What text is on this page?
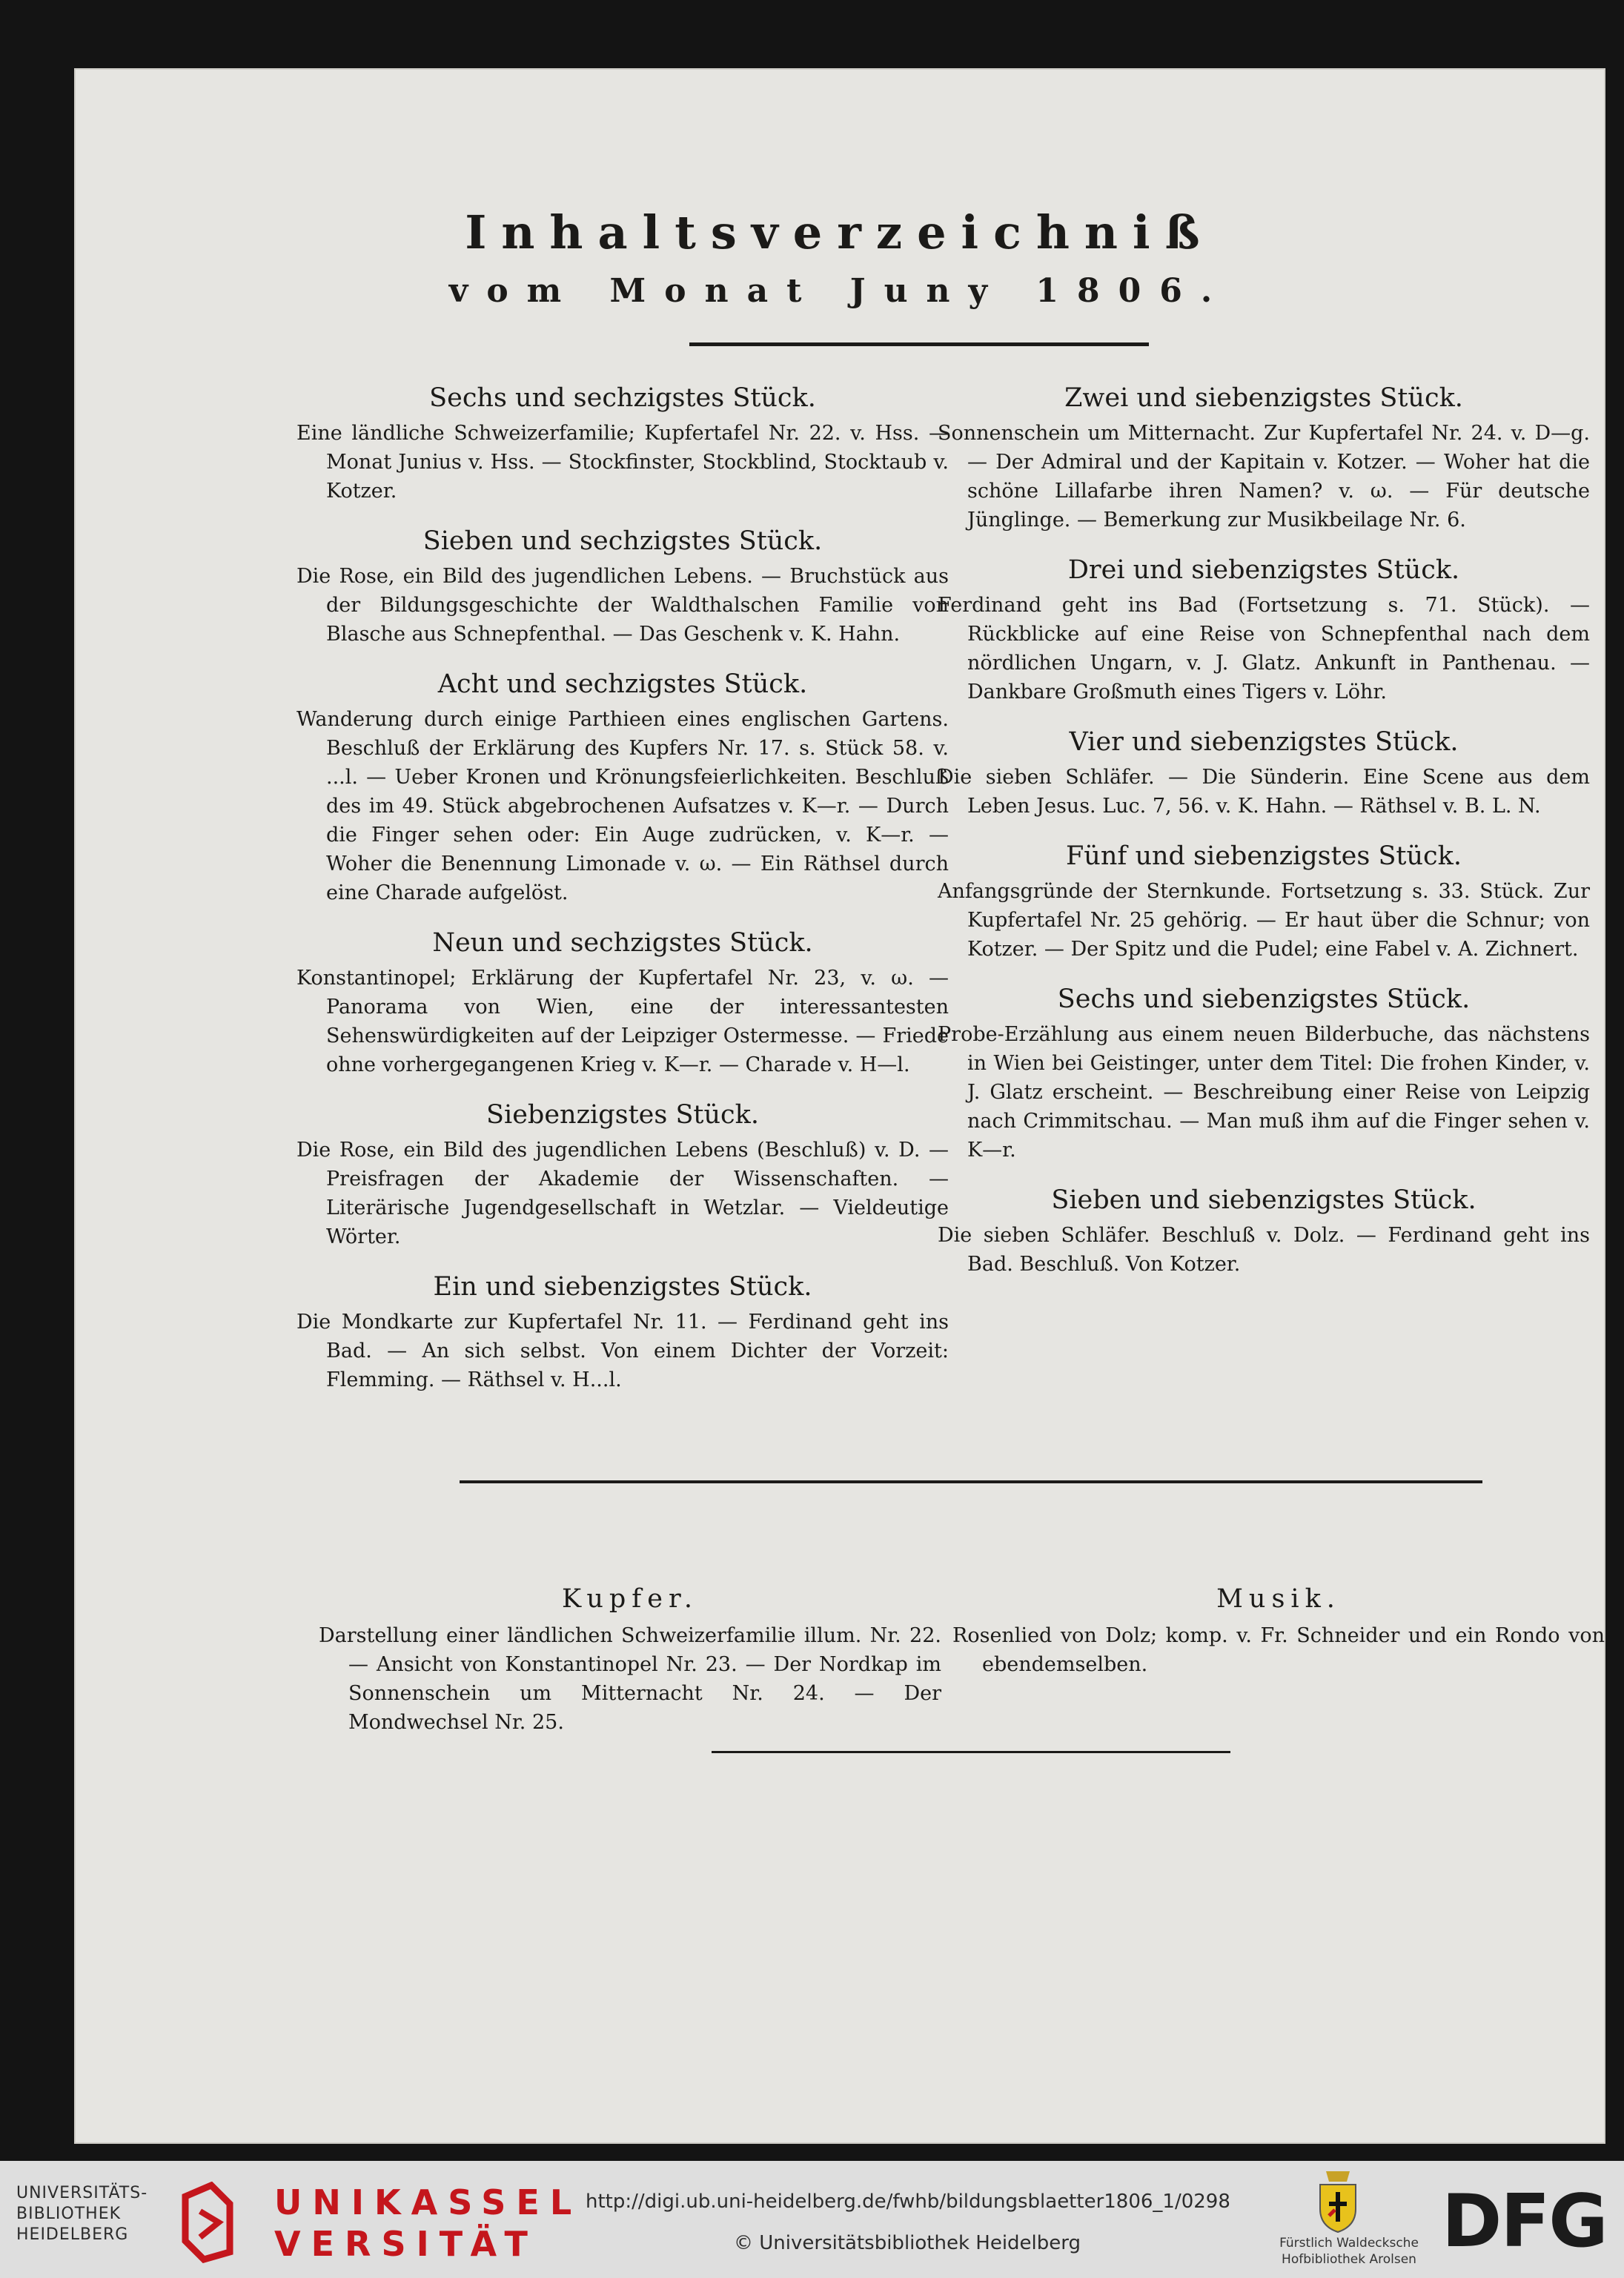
Inhaltsverzeichniß
vom Monat Juny 1806.

Sechs und sechzigstes Stück.

Eine ländliche Schweizerfamilie; Kupfertafel Nr. 22. v. Hss. — Monat Junius v. Hss. — Stockfinster, Stockblind, Stocktaub v. Kotzer.

Sieben und sechzigstes Stück.

Die Rose, ein Bild des jugendlichen Lebens. — Bruchstück aus der Bildungsgeschichte der Waldthalschen Familie von Blasche aus Schnepfenthal. — Das Geschenk v. K. Hahn.

Acht und sechzigstes Stück.

Wanderung durch einige Parthieen eines englischen Gartens. Beschluß der Erklärung des Kupfers Nr. 17. s. Stück 58. v. ...l. — Ueber Kronen und Krönungsfeierlichkeiten. Beschluß des im 49. Stück abgebrochenen Aufsatzes v. K—r. — Durch die Finger sehen oder: Ein Auge zudrücken, v. K—r. — Woher die Benennung Limonade v. ω. — Ein Räthsel durch eine Charade aufgelöst.

Neun und sechzigstes Stück.

Konstantinopel; Erklärung der Kupfertafel Nr. 23, v. ω. — Panorama von Wien, eine der interessantesten Sehenswürdigkeiten auf der Leipziger Ostermesse. — Friede ohne vorhergegangenen Krieg v. K—r. — Charade v. H—l.

Siebenzigstes Stück.

Die Rose, ein Bild des jugendlichen Lebens (Beschluß) v. D. — Preisfragen der Akademie der Wissenschaften. — Literärische Jugendgesellschaft in Wetzlar. — Vieldeutige Wörter.

Ein und siebenzigstes Stück.

Die Mondkarte zur Kupfertafel Nr. 11. — Ferdinand geht ins Bad. — An sich selbst. Von einem Dichter der Vorzeit: Flemming. — Räthsel v. H...l.

Zwei und siebenzigstes Stück.

Sonnenschein um Mitternacht. Zur Kupfertafel Nr. 24. v. D—g. — Der Admiral und der Kapitain v. Kotzer. — Woher hat die schöne Lillafarbe ihren Namen? v. ω. — Für deutsche Jünglinge. — Bemerkung zur Musikbeilage Nr. 6.

Drei und siebenzigstes Stück.

Ferdinand geht ins Bad (Fortsetzung s. 71. Stück). — Rückblicke auf eine Reise von Schnepfenthal nach dem nördlichen Ungarn, v. J. Glatz. Ankunft in Panthenau. — Dankbare Großmuth eines Tigers v. Löhr.

Vier und siebenzigstes Stück.

Die sieben Schläfer. — Die Sünderin. Eine Scene aus dem Leben Jesus. Luc. 7, 56. v. K. Hahn. — Räthsel v. B. L. N.

Fünf und siebenzigstes Stück.

Anfangsgründe der Sternkunde. Fortsetzung s. 33. Stück. Zur Kupfertafel Nr. 25 gehörig. — Er haut über die Schnur; von Kotzer. — Der Spitz und die Pudel; eine Fabel v. A. Zichnert.

Sechs und siebenzigstes Stück.

Probe-Erzählung aus einem neuen Bilderbuche, das nächstens in Wien bei Geistinger, unter dem Titel: Die frohen Kinder, v. J. Glatz erscheint. — Beschreibung einer Reise von Leipzig nach Crimmitschau. — Man muß ihm auf die Finger sehen v. K—r.

Sieben und siebenzigstes Stück.

Die sieben Schläfer. Beschluß v. Dolz. — Ferdinand geht ins Bad. Beschluß. Von Kotzer.

Kupfer.

Darstellung einer ländlichen Schweizerfamilie illum. Nr. 22. — Ansicht von Konstantinopel Nr. 23. — Der Nordkap im Sonnenschein um Mitternacht Nr. 24. — Der Mondwechsel Nr. 25.

Musik.

Rosenlied von Dolz; komp. v. Fr. Schneider und ein Rondo von ebendemselben.

UNIVERSITÄTS-
BIBLIOTHEK
HEIDELBERG
UNIKASSEL
VERSITÄT
http://digi.ub.uni-heidelberg.de/fwhb/bildungsblaetter1806_1/0298
© Universitätsbibliothek Heidelberg	Fürstlich Waldecksche
Hofbibliothek Arolsen DFG
